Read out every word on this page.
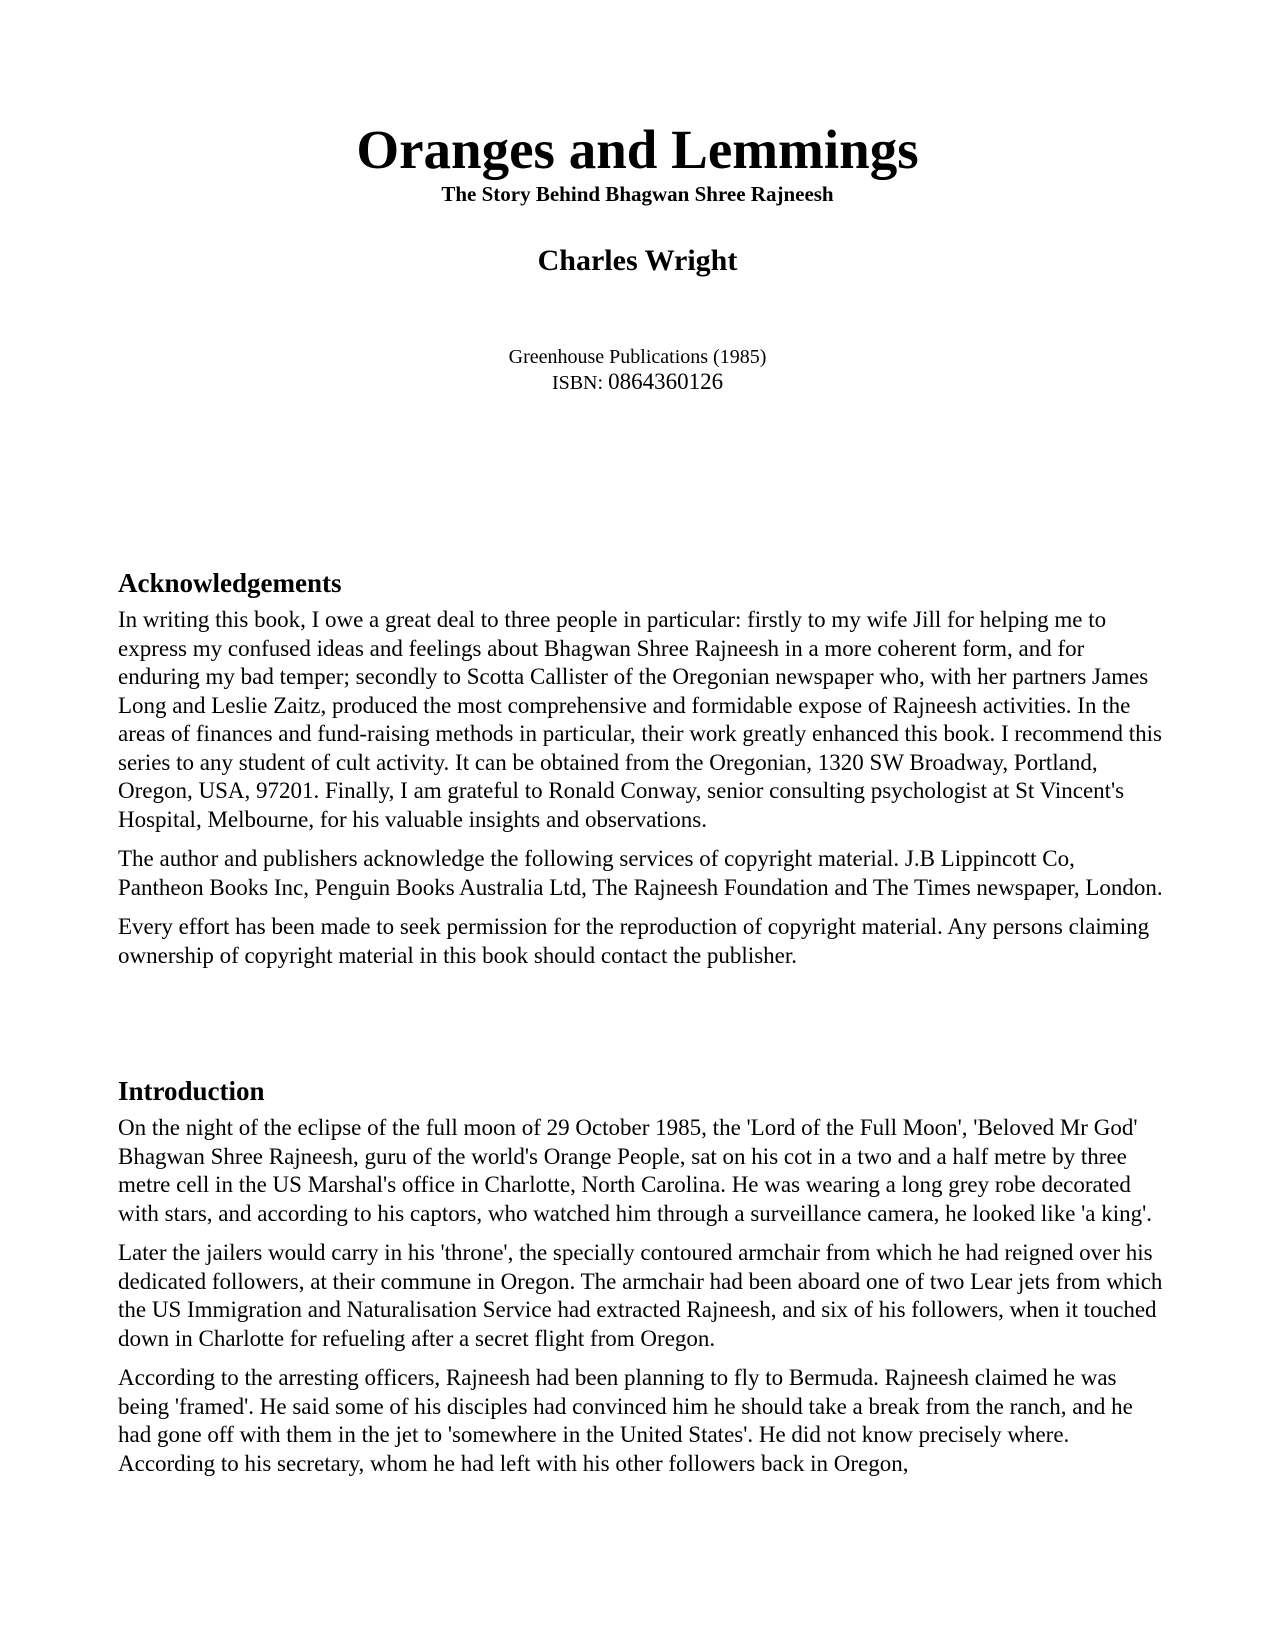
Oranges and Lemmings
The Story Behind Bhagwan Shree Rajneesh
Charles Wright
Greenhouse Publications (1985)
ISBN: 0864360126
Acknowledgements

In writing this book, I owe a great deal to three people in particular: firstly to my wife Jill for helping me to express my confused ideas and feelings about Bhagwan Shree Rajneesh in a more coherent form, and for enduring my bad temper; secondly to Scotta Callister of the Oregonian newspaper who, with her partners James Long and Leslie Zaitz, produced the most comprehensive and formidable expose of Rajneesh activities. In the areas of finances and fund-raising methods in particular, their work greatly enhanced this book. I recommend this series to any student of cult activity. It can be obtained from the Oregonian, 1320 SW Broadway, Portland, Oregon, USA, 97201. Finally, I am grateful to Ronald Conway, senior consulting psychologist at St Vincent's Hospital, Melbourne, for his valuable insights and observations.

The author and publishers acknowledge the following services of copyright material. J.B Lippincott Co, Pantheon Books Inc, Penguin Books Australia Ltd, The Rajneesh Foundation and The Times newspaper, London.

Every effort has been made to seek permission for the reproduction of copyright material. Any persons claiming ownership of copyright material in this book should contact the publisher.

Introduction

On the night of the eclipse of the full moon of 29 October 1985, the 'Lord of the Full Moon', 'Beloved Mr God' Bhagwan Shree Rajneesh, guru of the world's Orange People, sat on his cot in a two and a half metre by three metre cell in the US Marshal's office in Charlotte, North Carolina. He was wearing a long grey robe decorated with stars, and according to his captors, who watched him through a surveillance camera, he looked like 'a king'.

Later the jailers would carry in his 'throne', the specially contoured armchair from which he had reigned over his dedicated followers, at their commune in Oregon. The armchair had been aboard one of two Lear jets from which the US Immigration and Naturalisation Service had extracted Rajneesh, and six of his followers, when it touched down in Charlotte for refueling after a secret flight from Oregon.

According to the arresting officers, Rajneesh had been planning to fly to Bermuda. Rajneesh claimed he was being 'framed'. He said some of his disciples had convinced him he should take a break from the ranch, and he had gone off with them in the jet to 'somewhere in the United States'. He did not know precisely where. According to his secretary, whom he had left with his other followers back in Oregon,
